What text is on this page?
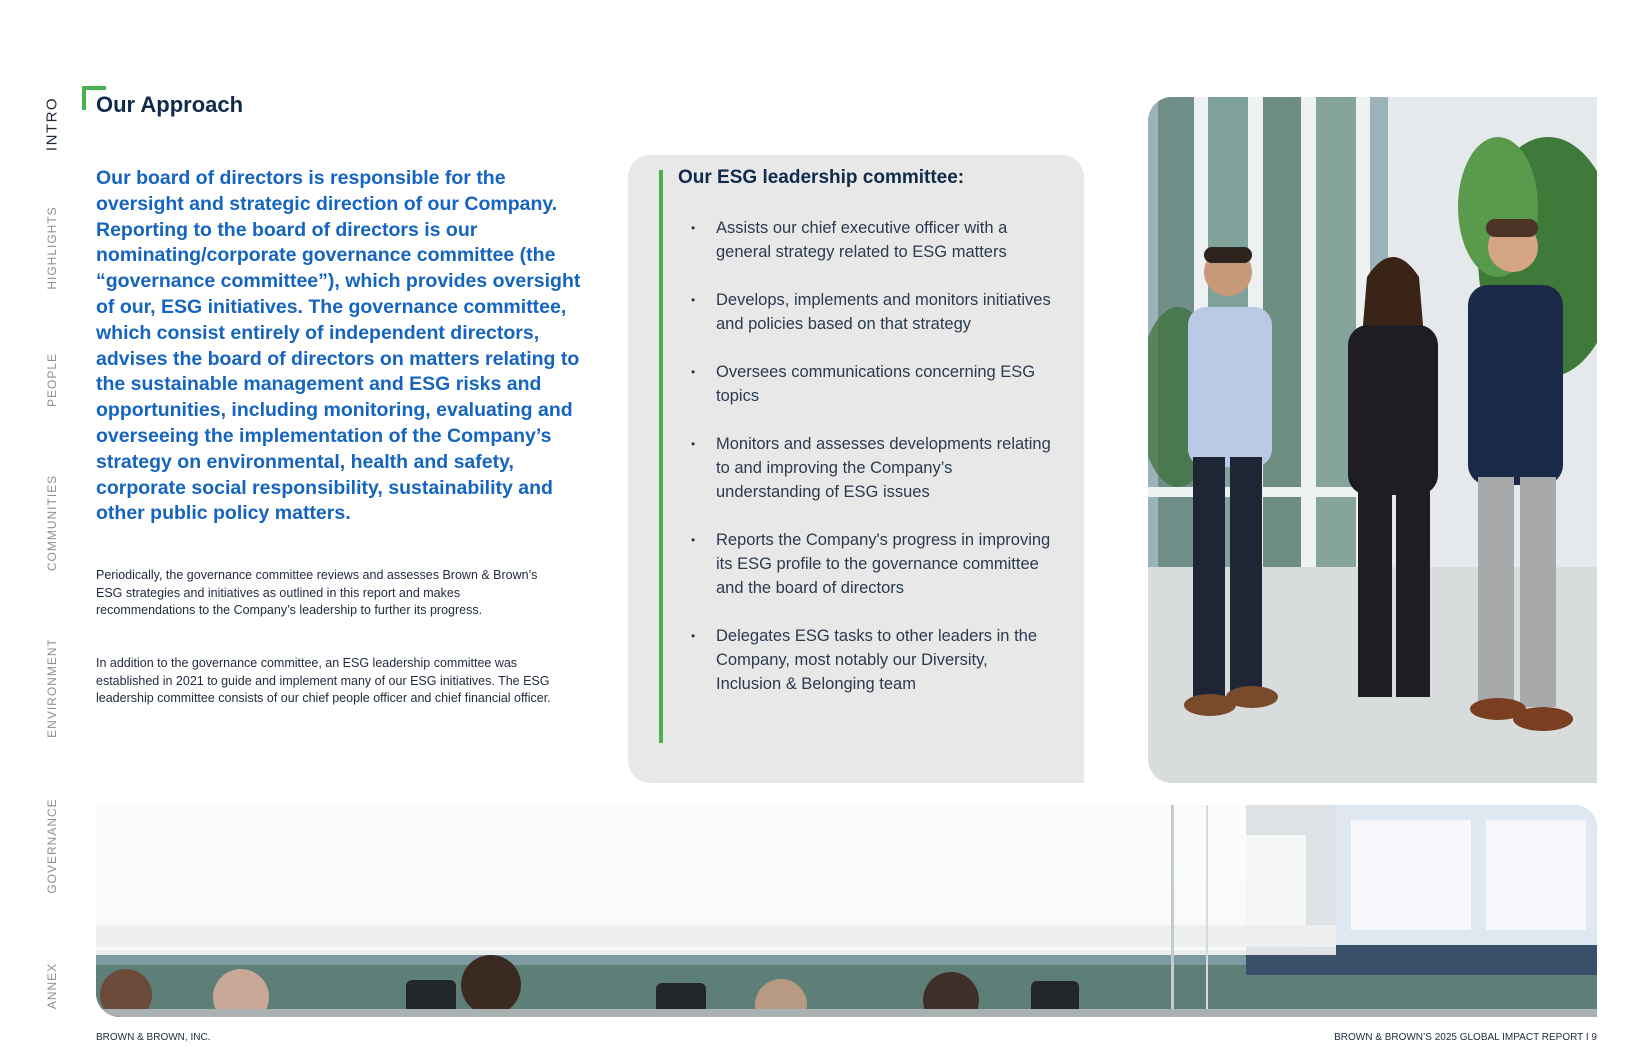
INTRO
HIGHLIGHTS
PEOPLE
COMMUNITIES
ENVIRONMENT
GOVERNANCE
ANNEX
Our Approach

Our board of directors is responsible for the oversight and strategic direction of our Company. Reporting to the board of directors is our nominating/corporate governance committee (the “governance committee”), which provides oversight of our, ESG initiatives. The governance committee, which consist entirely of independent directors, advises the board of directors on matters relating to the sustainable management and ESG risks and opportunities, including monitoring, evaluating and overseeing the implementation of the Company’s strategy on environmental, health and safety, corporate social responsibility, sustainability and other public policy matters.

Periodically, the governance committee reviews and assesses Brown & Brown’s ESG strategies and initiatives as outlined in this report and makes recommendations to the Company’s leadership to further its progress.

In addition to the governance committee, an ESG leadership committee was established in 2021 to guide and implement many of our ESG initiatives. The ESG leadership committee consists of our chief people officer and chief financial officer.

Our ESG leadership committee:
• Assists our chief executive officer with a general strategy related to ESG matters
• Develops, implements and monitors initiatives and policies based on that strategy
• Oversees communications concerning ESG topics
• Monitors and assesses developments relating to and improving the Company’s understanding of ESG issues
• Reports the Company's progress in improving its ESG profile to the governance committee and the board of directors
• Delegates ESG tasks to other leaders in the Company, most notably our Diversity, Inclusion & Belonging team
BROWN & BROWN, INC.	BROWN & BROWN’S 2025 GLOBAL IMPACT REPORT I 9
